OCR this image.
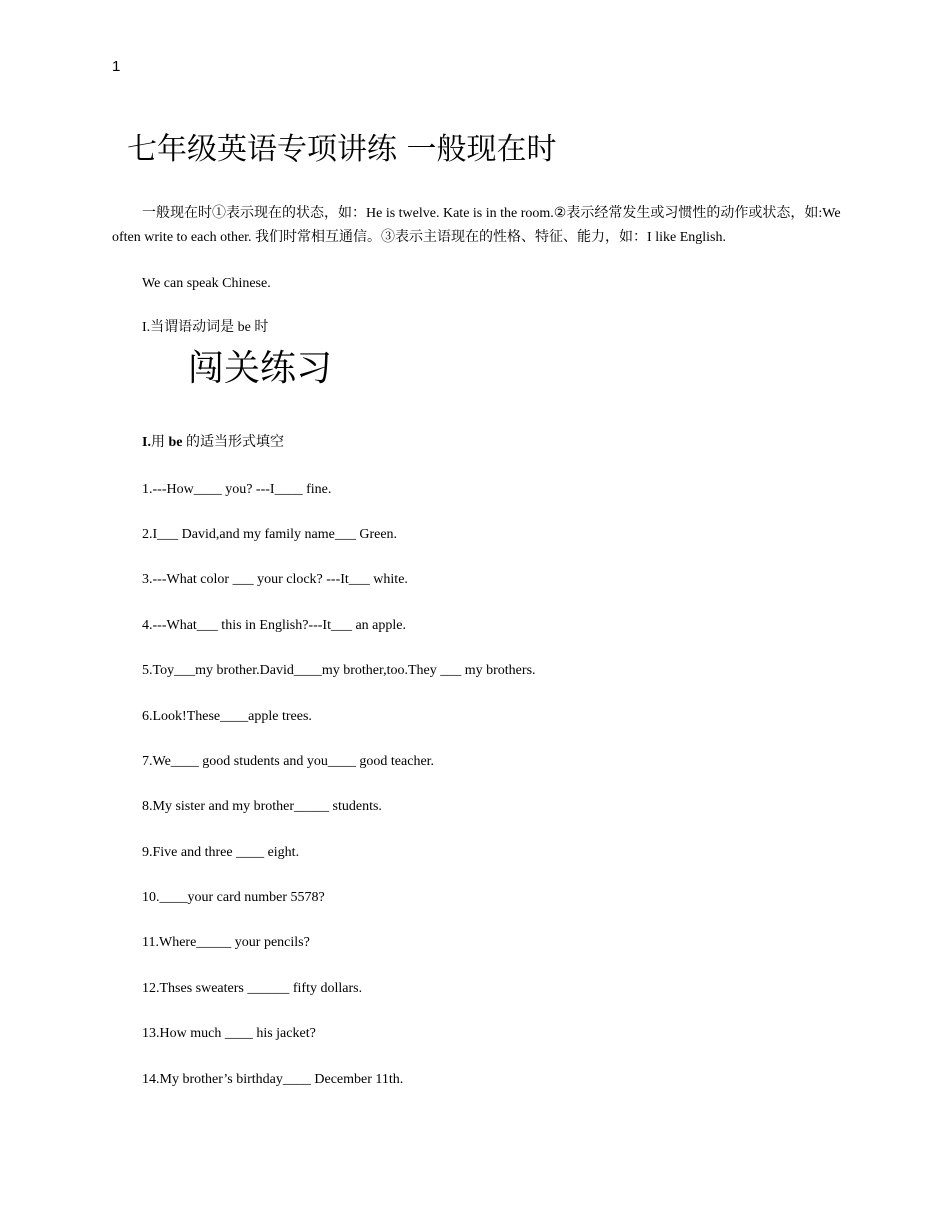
1
七年级英语专项讲练 一般现在时

一般现在时①表示现在的状态，如：He is twelve. Kate is in the room.②表示经常发生或习惯性的动作或状态，如:We often write to each other. 我们时常相互通信。③表示主语现在的性格、特征、能力，如：I like English.

We can speak Chinese.

I.当谓语动词是 be 时

闯关练习

I.用 be 的适当形式填空

1.---How____ you? ---I____ fine.

2.I___ David,and my family name___ Green.

3.---What color ___ your clock? ---It___ white.

4.---What___ this in English?---It___ an apple.

5.Toy___my brother.David____my brother,too.They ___ my brothers.

6.Look!These____apple trees.

7.We____ good students and you____ good teacher.

8.My sister and my brother_____ students.

9.Five and three ____ eight.

10.____your card number 5578?

11.Where_____ your pencils?

12.Thses sweaters ______ fifty dollars.

13.How much ____ his jacket?

14.My brother’s birthday____ December 11th.
